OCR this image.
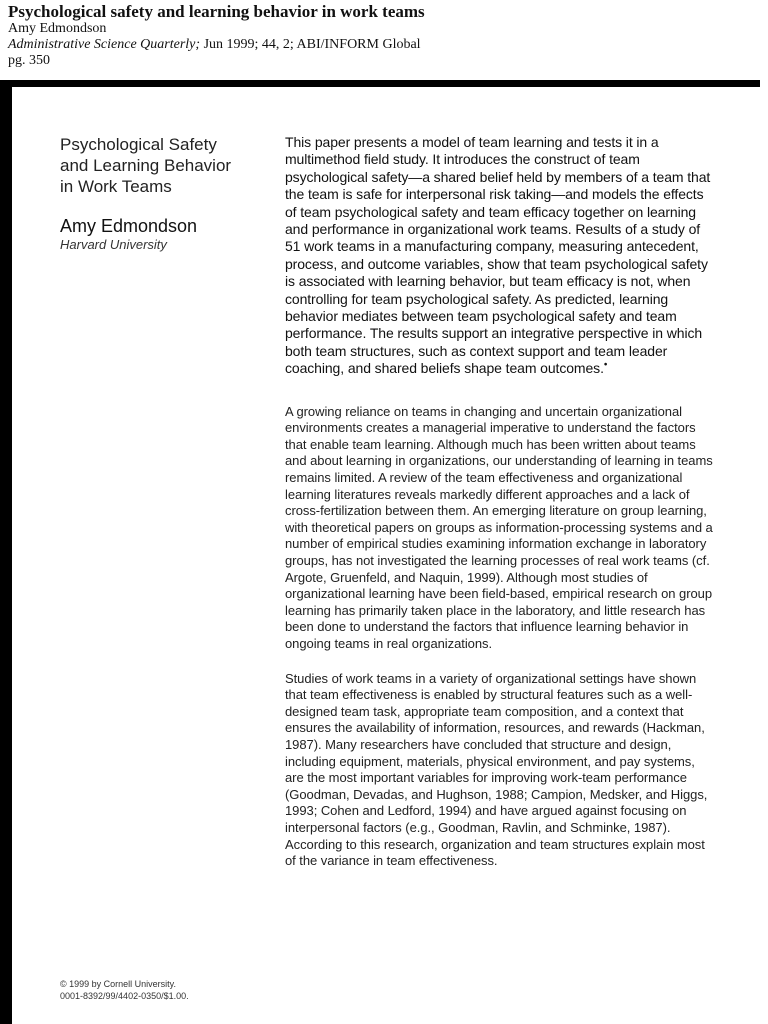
Psychological safety and learning behavior in work teams
Amy Edmondson
Administrative Science Quarterly; Jun 1999; 44, 2; ABI/INFORM Global
pg. 350
Psychological Safety
and Learning Behavior
in Work Teams
Amy Edmondson
Harvard University

This paper presents a model of team learning and tests it in a multimethod field study. It introduces the construct of team psychological safety—a shared belief held by members of a team that the team is safe for interpersonal risk taking—and models the effects of team psychological safety and team efficacy together on learning and performance in organizational work teams. Results of a study of 51 work teams in a manufacturing company, measuring antecedent, process, and outcome variables, show that team psychological safety is associated with learning behavior, but team efficacy is not, when controlling for team psychological safety. As predicted, learning behavior mediates between team psychological safety and team performance. The results support an integrative perspective in which both team structures, such as context support and team leader coaching, and shared beliefs shape team outcomes.•

A growing reliance on teams in changing and uncertain organizational environments creates a managerial imperative to understand the factors that enable team learning. Although much has been written about teams and about learning in organizations, our understanding of learning in teams remains limited. A review of the team effectiveness and organizational learning literatures reveals markedly different approaches and a lack of cross-fertilization between them. An emerging literature on group learning, with theoretical papers on groups as information-processing systems and a number of empirical studies examining information exchange in laboratory groups, has not investigated the learning processes of real work teams (cf. Argote, Gruenfeld, and Naquin, 1999). Although most studies of organizational learning have been field-based, empirical research on group learning has primarily taken place in the laboratory, and little research has been done to understand the factors that influence learning behavior in ongoing teams in real organizations.

Studies of work teams in a variety of organizational settings have shown that team effectiveness is enabled by structural features such as a well-designed team task, appropriate team composition, and a context that ensures the availability of information, resources, and rewards (Hackman, 1987). Many researchers have concluded that structure and design, including equipment, materials, physical environment, and pay systems, are the most important variables for improving work-team performance (Goodman, Devadas, and Hughson, 1988; Campion, Medsker, and Higgs, 1993; Cohen and Ledford, 1994) and have argued against focusing on interpersonal factors (e.g., Goodman, Ravlin, and Schminke, 1987). According to this research, organization and team structures explain most of the variance in team effectiveness.

© 1999 by Cornell University.
0001-8392/99/4402-0350/$1.00.
